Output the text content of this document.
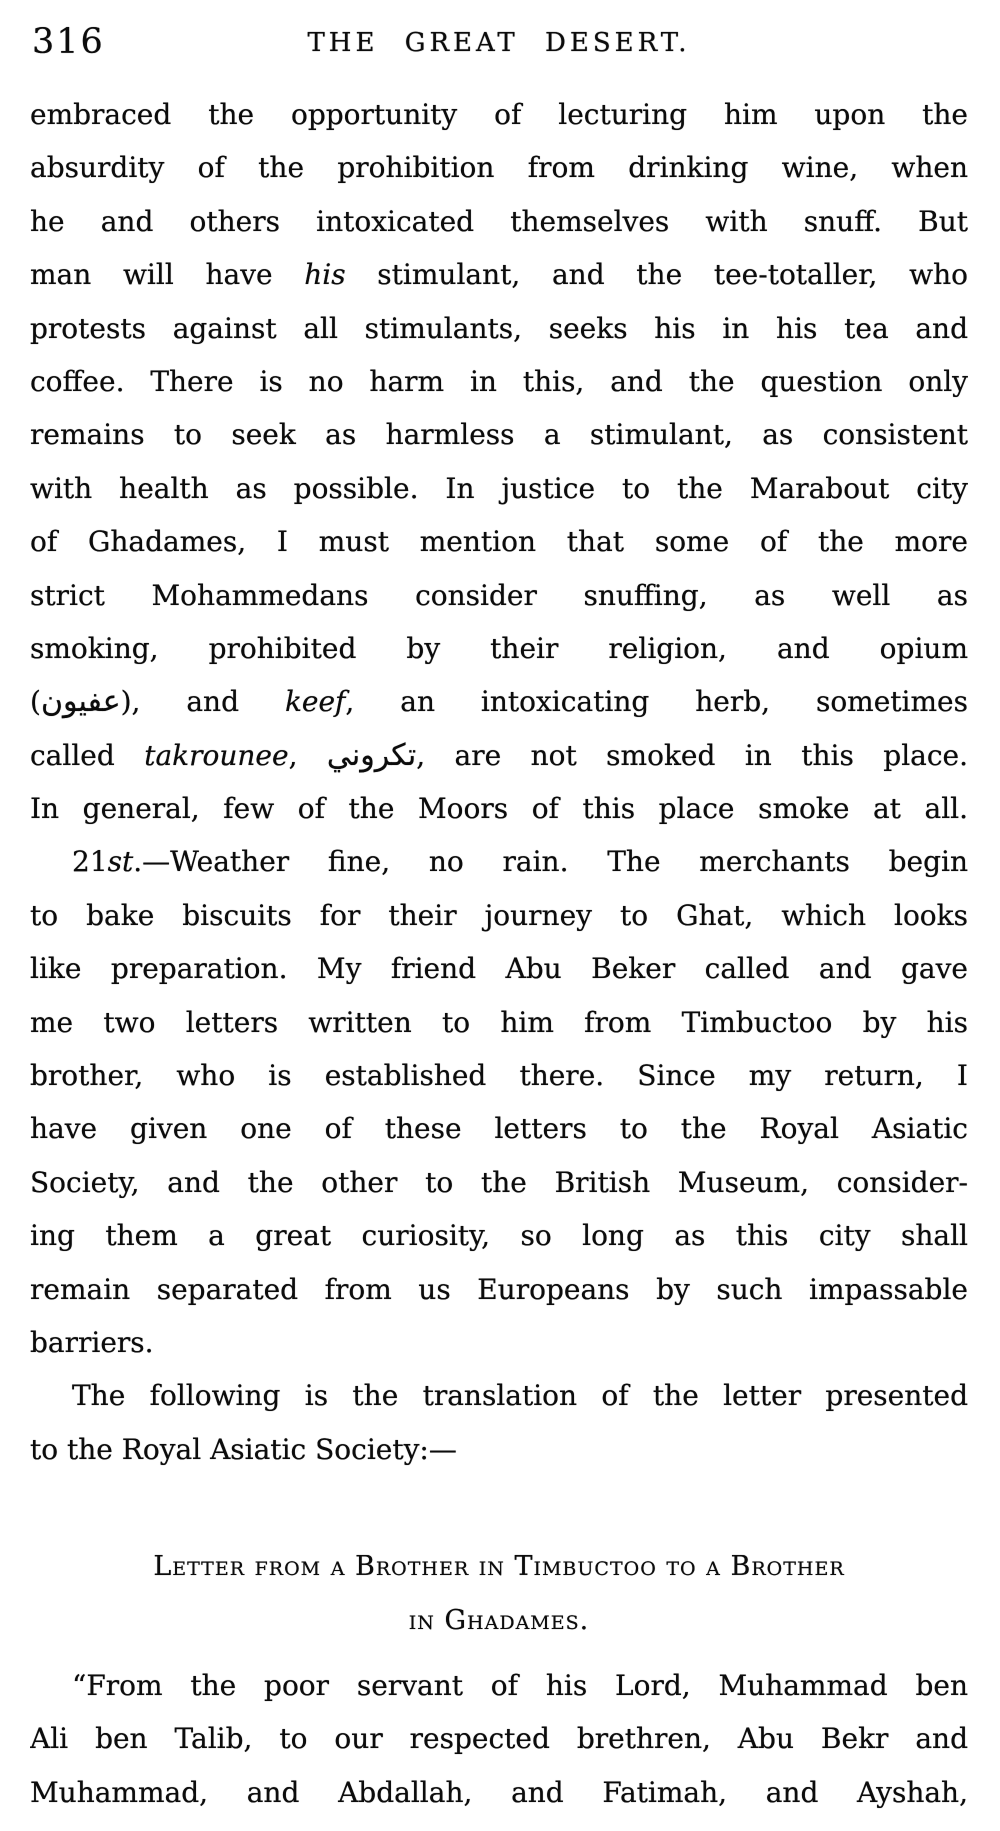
316	THE GREAT DESERT.
embraced the opportunity of lecturing him upon the
absurdity of the prohibition from drinking wine, when
he and others intoxicated themselves with snuff. But
man will have his stimulant, and the tee-totaller, who
protests against all stimulants, seeks his in his tea and
coffee. There is no harm in this, and the question only
remains to seek as harmless a stimulant, as consistent
with health as possible. In justice to the Marabout city
of Ghadames, I must mention that some of the more
strict Mohammedans consider snuffing, as well as
smoking, prohibited by their religion, and opium
(عفيون), and keef, an intoxicating herb, sometimes
called takrounee, تكروني, are not smoked in this place.
In general, few of the Moors of this place smoke at all.
21st.—Weather fine, no rain. The merchants begin
to bake biscuits for their journey to Ghat, which looks
like preparation. My friend Abu Beker called and gave
me two letters written to him from Timbuctoo by his
brother, who is established there. Since my return, I
have given one of these letters to the Royal Asiatic
Society, and the other to the British Museum, consider-
ing them a great curiosity, so long as this city shall
remain separated from us Europeans by such impassable
barriers.
The following is the translation of the letter presented
to the Royal Asiatic Society:—
Letter from a Brother in Timbuctoo to a Brother
in Ghadames.
“From the poor servant of his Lord, Muhammad ben
Ali ben Talib, to our respected brethren, Abu Bekr and
Muhammad, and Abdallah, and Fatimah, and Ayshah,
